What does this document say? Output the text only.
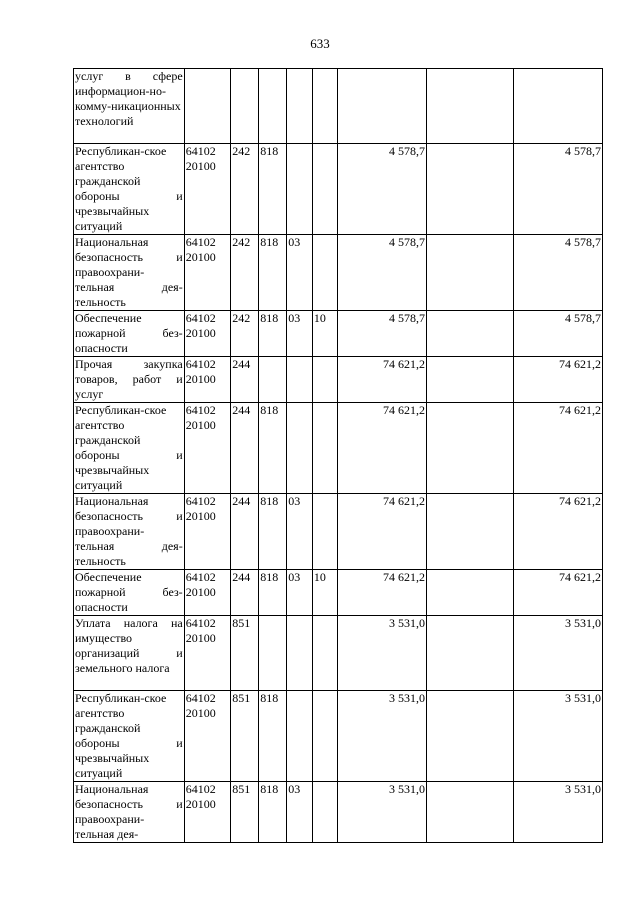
633
услуг в сфере информацион-но-комму-никационных технологий								
Республикан-ское агентство гражданской обороны и чрезвычайных ситуаций	64102 20100	242	818			4 578,7		4 578,7
Национальная безопасность и правоохрани-тельная дея-тельность	64102 20100	242	818	03		4 578,7		4 578,7
Обеспечение пожарной без-опасности	64102 20100	242	818	03	10	4 578,7		4 578,7
Прочая закупка товаров, работ и услуг	64102 20100	244				74 621,2		74 621,2
Республикан-ское агентство гражданской обороны и чрезвычайных ситуаций	64102 20100	244	818			74 621,2		74 621,2
Национальная безопасность и правоохрани-тельная дея-тельность	64102 20100	244	818	03		74 621,2		74 621,2
Обеспечение пожарной без-опасности	64102 20100	244	818	03	10	74 621,2		74 621,2
Уплата налога на имущество организаций и земельного налога	64102 20100	851				3 531,0		3 531,0
Республикан-ское агентство гражданской обороны и чрезвычайных ситуаций	64102 20100	851	818			3 531,0		3 531,0
Национальная безопасность и правоохрани-тельная дея-	64102 20100	851	818	03		3 531,0		3 531,0
